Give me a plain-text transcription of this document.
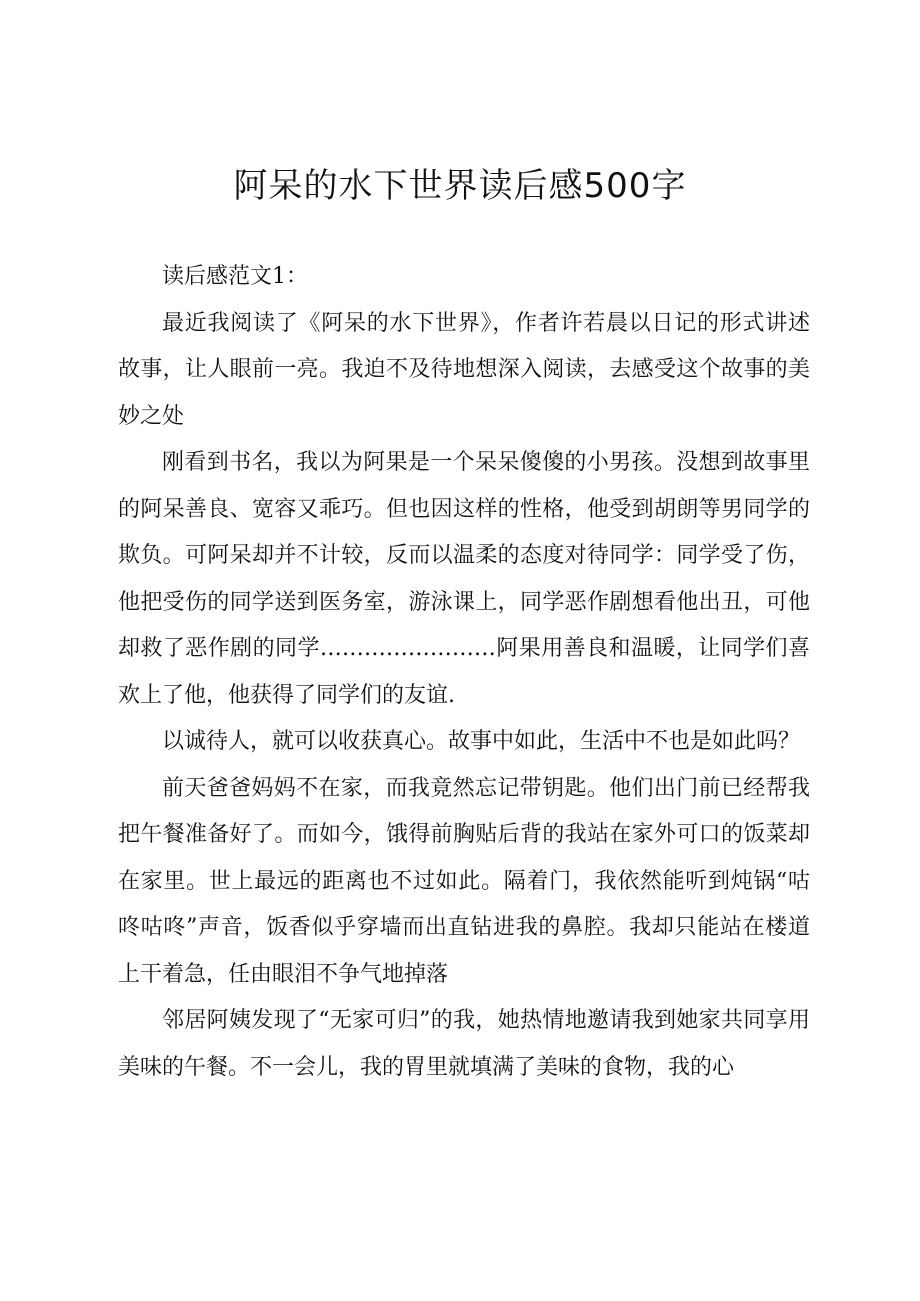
阿呆的水下世界读后感500字

读后感范文1：

最近我阅读了《阿呆的水下世界》，作者许若晨以日记的形式讲述故事，让人眼前一亮。我迫不及待地想深入阅读，去感受这个故事的美妙之处

刚看到书名，我以为阿果是一个呆呆傻傻的小男孩。没想到故事里的阿呆善良、宽容又乖巧。但也因这样的性格，他受到胡朗等男同学的欺负。可阿呆却并不计较，反而以温柔的态度对待同学：同学受了伤，他把受伤的同学送到医务室，游泳课上，同学恶作剧想看他出丑，可他却救了恶作剧的同学……………………阿果用善良和温暖，让同学们喜欢上了他，他获得了同学们的友谊.

以诚待人，就可以收获真心。故事中如此，生活中不也是如此吗？

前天爸爸妈妈不在家，而我竟然忘记带钥匙。他们出门前已经帮我把午餐准备好了。而如今，饿得前胸贴后背的我站在家外可口的饭菜却在家里。世上最远的距离也不过如此。隔着门，我依然能听到炖锅“咕咚咕咚”声音，饭香似乎穿墙而出直钻进我的鼻腔。我却只能站在楼道上干着急，任由眼泪不争气地掉落

邻居阿姨发现了“无家可归”的我，她热情地邀请我到她家共同享用美味的午餐。不一会儿，我的胃里就填满了美味的食物，我的心
